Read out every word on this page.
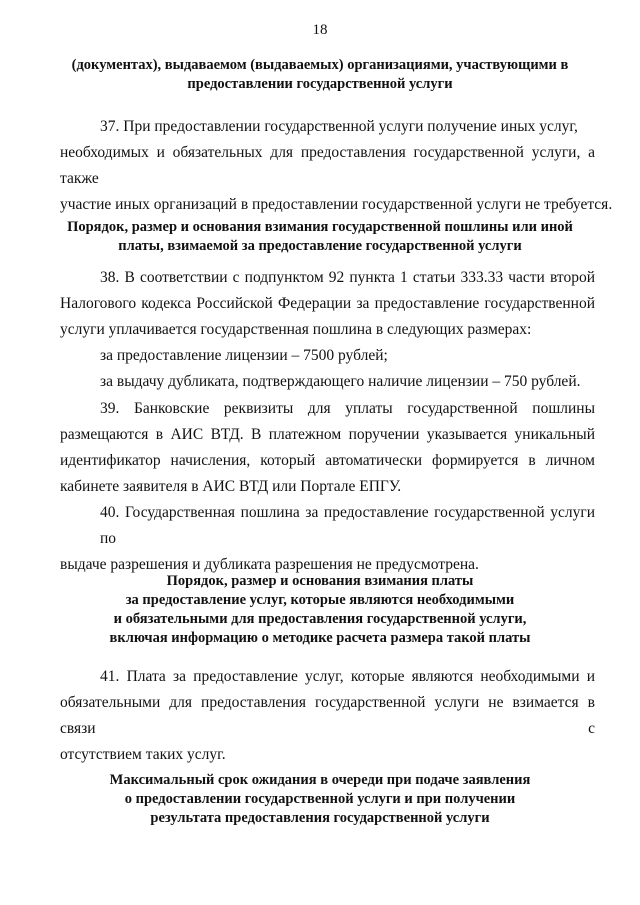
18
(документах), выдаваемом (выдаваемых) организациями, участвующими в
предоставлении государственной услуги
37. При предоставлении государственной услуги получение иных услуг,
необходимых и обязательных для предоставления государственной услуги, а также
участие иных организаций в предоставлении государственной услуги не требуется.
Порядок, размер и основания взимания государственной пошлины или иной
платы, взимаемой за предоставление государственной услуги
38. В соответствии с подпунктом 92 пункта 1 статьи 333.33 части второй
Налогового кодекса Российской Федерации за предоставление государственной
услуги уплачивается государственная пошлина в следующих размерах:
за предоставление лицензии – 7500 рублей;
за выдачу дубликата, подтверждающего наличие лицензии – 750 рублей.
39. Банковские реквизиты для уплаты государственной пошлины
размещаются в АИС ВТД. В платежном поручении указывается уникальный
идентификатор начисления, который автоматически формируется в личном
кабинете заявителя в АИС ВТД или Портале ЕПГУ.
40. Государственная пошлина за предоставление государственной услуги по
выдаче разрешения и дубликата разрешения не предусмотрена.
Порядок, размер и основания взимания платы
за предоставление услуг, которые являются необходимыми
и обязательными для предоставления государственной услуги,
включая информацию о методике расчета размера такой платы
41. Плата за предоставление услуг, которые являются необходимыми и
обязательными для предоставления государственной услуги не взимается в связи с
отсутствием таких услуг.
Максимальный срок ожидания в очереди при подаче заявления
о предоставлении государственной услуги и при получении
результата предоставления государственной услуги
